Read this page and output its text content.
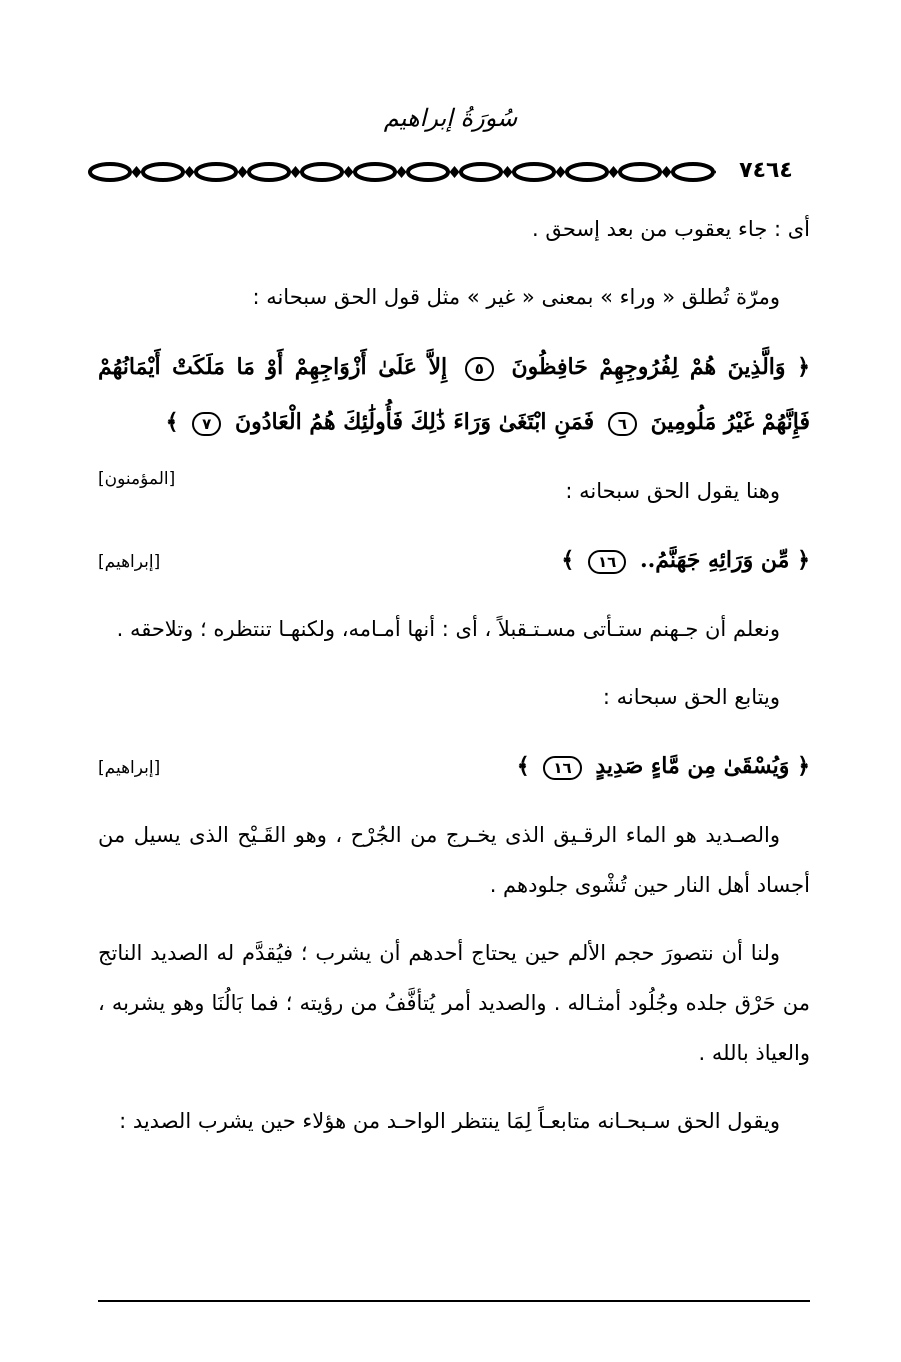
سُورَةُ إبراهيم
٧٤٦٤
أى : جاء يعقوب من بعد إسحق .
ومرّة تُطلق « وراء » بمعنى « غير » مثل قول الحق سبحانه :
﴿ وَالَّذِينَ هُمْ لِفُرُوجِهِمْ حَافِظُونَ ٥ إِلاَّ عَلَىٰ أَزْوَاجِهِمْ أَوْ مَا مَلَكَتْ أَيْمَانُهُمْ فَإِنَّهُمْ غَيْرُ مَلُومِينَ ٦ فَمَنِ ابْتَغَىٰ وَرَاءَ ذَٰلِكَ فَأُولَٰئِكَ هُمُ الْعَادُونَ ٧ ﴾
[المؤمنون]	وهنا يقول الحق سبحانه :
﴿ مِّن وَرَائِهِ جَهَنَّمُ.. ١٦ ﴾
[إبراهيم]
ونعلم أن جـهنم ستـأتى مسـتـقبلاً ، أى : أنها أمـامه، ولكنهـا تنتظره ؛ وتلاحقه .
ويتابع الحق سبحانه :
﴿ وَيُسْقَىٰ مِن مَّاءٍ صَدِيدٍ ١٦ ﴾
[إبراهيم]
والصـديد هو الماء الرقـيق الذى يخـرج من الجُرْح ، وهو القَـيْح الذى يسيل من أجساد أهل النار حين تُشْوى جلودهم .
ولنا أن نتصورَ حجم الألم حين يحتاج أحدهم أن يشرب ؛ فيُقدَّم له الصديد الناتج من حَرْق جلده وجُلُود أمثـاله . والصديد أمر يُتأفَّفُ من رؤيته ؛ فما بَالُنَا وهو يشربه ، والعياذ بالله .
ويقول الحق سـبحـانه متابعـاً لِمَا ينتظر الواحـد من هؤلاء حين يشرب الصديد :
